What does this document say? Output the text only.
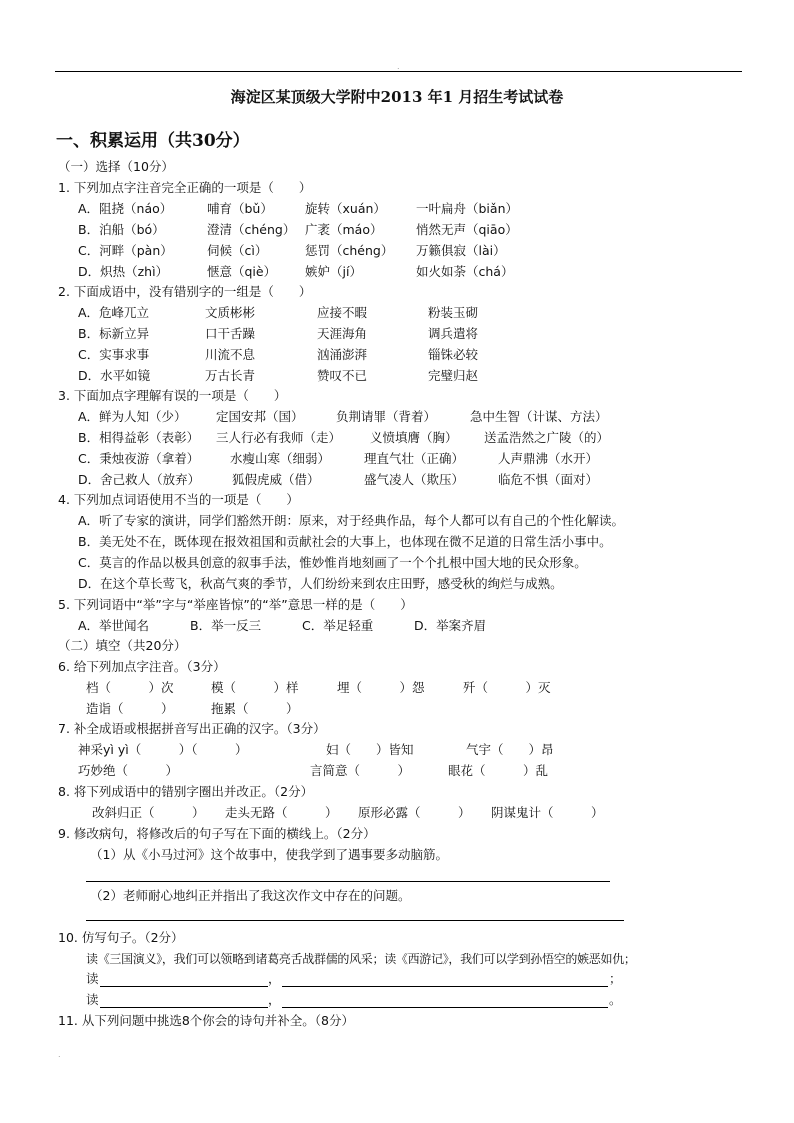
.
海淀区某顶级大学附中2013 年1 月招生考试试卷
一、积累运用（共30分）
（一）选择（10分）
1. 下列加点字注音完全正确的一项是（　　）
A．阻挠（náo）	哺育（bǔ）	旋转（xuán） 一叶扁舟（biǎn）
B．泊船（bó）	澄清（chéng） 广袤（máo）	悄然无声（qiāo）
C．河畔（pàn）	伺候（cì）	惩罚（chéng） 万籁俱寂（lài）
D．炽热（zhì）	惬意（qiè） 嫉妒（jí）	如火如荼（chá）
2. 下面成语中，没有错别字的一组是（　　）
A．危峰兀立	文质彬彬	应接不暇	粉装玉砌
B．标新立异	口干舌躁	天涯海角	调兵遣将
C．实事求事	川流不息	汹涌澎湃	锱铢必较
D．水平如镜	万古长青	赞叹不已	完璧归赵
3. 下面加点字理解有误的一项是（　　）
A．鲜为人知（少） 定国安邦（国）	负荆请罪（背着）	急中生智（计谋、方法）
B．相得益彰（表彰） 三人行必有我师（走） 义愤填膺（胸） 送孟浩然之广陵（的）
C．秉烛夜游（拿着） 水瘦山寒（细弱）	理直气壮（正确）	人声鼎沸（水开）
D．舍己救人（放弃）	狐假虎威（借）	盛气凌人（欺压）	临危不惧（面对）
4. 下列加点词语使用不当的一项是（　　）
A．听了专家的演讲，同学们豁然开朗：原来，对于经典作品，每个人都可以有自己的个性化解读。
B．美无处不在，既体现在报效祖国和贡献社会的大事上，也体现在微不足道的日常生活小事中。
C．莫言的作品以极具创意的叙事手法，惟妙惟肖地刻画了一个个扎根中国大地的民众形象。
D．在这个草长莺飞，秋高气爽的季节，人们纷纷来到农庄田野，感受秋的绚烂与成熟。
5. 下列词语中“举”字与“举座皆惊”的“举”意思一样的是（　　）
A．举世闻名	B．举一反三	C．举足轻重	D．举案齐眉
（二）填空（共20分）
6. 给下列加点字注音。（3分）
档（　　　）次	模（　　　）样	埋（　　　）怨	歼（　　　）灭
造诣（　　　）	拖累（　　　）
7. 补全成语或根据拼音写出正确的汉字。（3分）
神采yì yì（　　　）（　　　）	妇（　　）皆知	气宇（　　）昂
巧妙绝（　　　）	言简意（　　　）	眼花（　　　）乱
8. 将下列成语中的错别字圈出并改正。（2分）
改斜归正（　　　） 走头无路（　　　） 原形必露（　　　） 阴谋鬼计（　　　）
9. 修改病句，将修改后的句子写在下面的横线上。（2分）
（1）从《小马过河》这个故事中，使我学到了遇事要多动脑筋。
（2）老师耐心地纠正并指出了我这次作文中存在的问题。
10. 仿写句子。（2分）
读《三国演义》，我们可以领略到诸葛亮舌战群儒的风采；读《西游记》，我们可以学到孙悟空的嫉恶如仇；
读	，	；
读	，	。
11. 从下列问题中挑选8个你会的诗句并补全。（8分）
.
